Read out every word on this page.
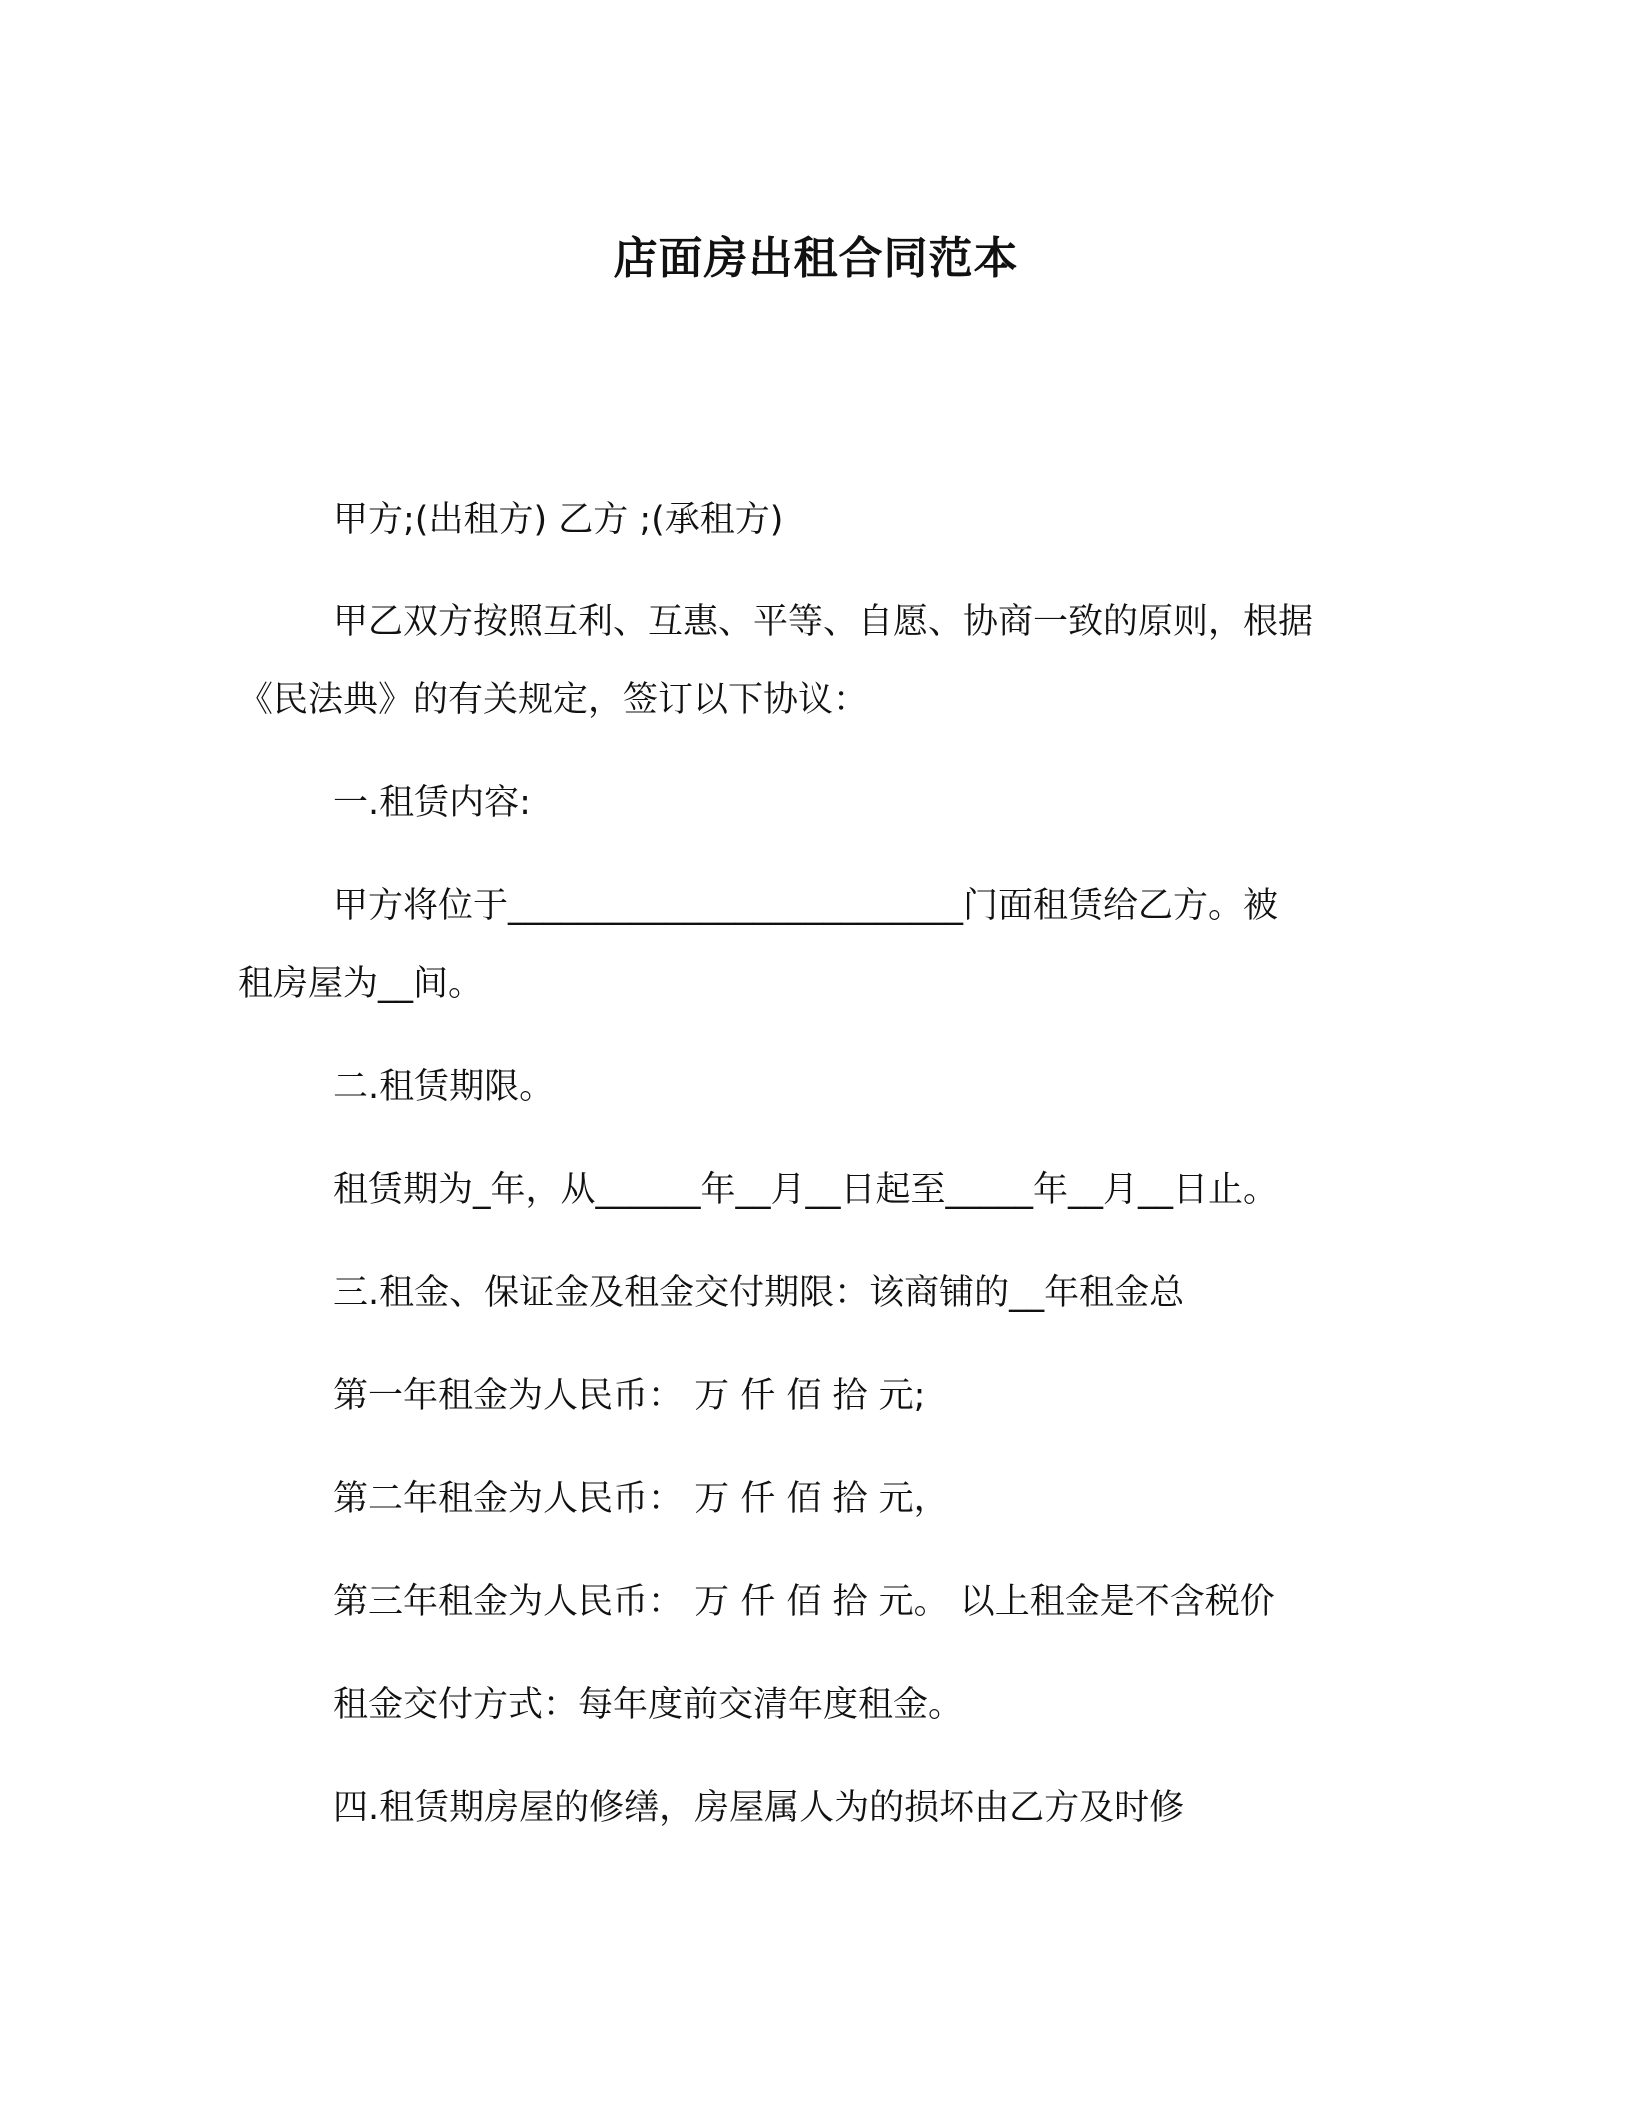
店面房出租合同范本
甲方;(出租方) 乙方 ;(承租方)
甲乙双方按照互利、互惠、平等、自愿、协商一致的原则，根据
《民法典》的有关规定，签订以下协议：
一.租赁内容:
甲方将位于__________________________门面租赁给乙方。被
租房屋为__间。
二.租赁期限。
租赁期为_年，从______年__月__日起至_____年__月__日止。
三.租金、保证金及租金交付期限：该商铺的__年租金总
第一年租金为人民币： 万 仟 佰 拾 元;
第二年租金为人民币： 万 仟 佰 拾 元，
第三年租金为人民币： 万 仟 佰 拾 元。 以上租金是不含税价
租金交付方式：每年度前交清年度租金。
四.租赁期房屋的修缮，房屋属人为的损坏由乙方及时修
